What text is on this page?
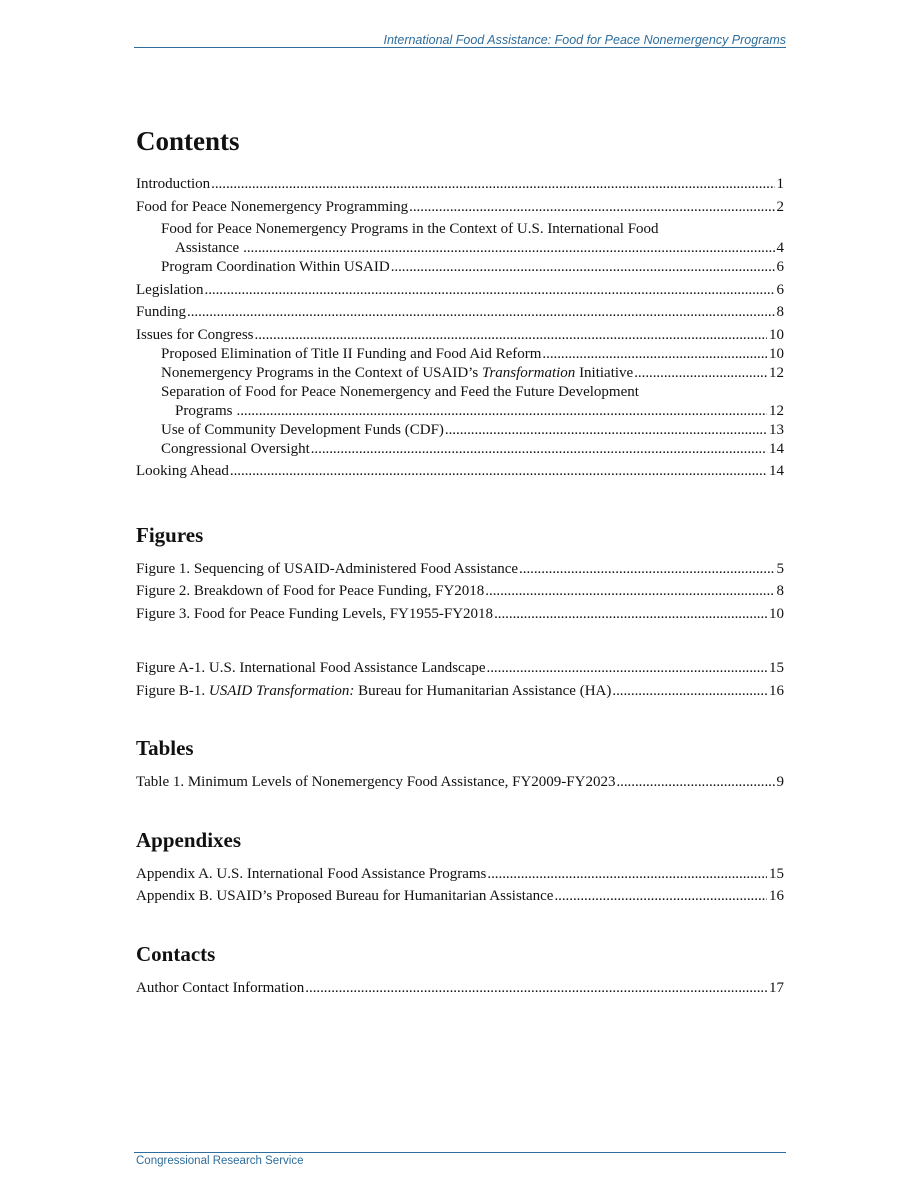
International Food Assistance: Food for Peace Nonemergency Programs
Contents
Introduction . . .	1
Food for Peace Nonemergency Programming . . .	2
Food for Peace Nonemergency Programs in the Context of U.S. International Food
Assistance . . .	4
Program Coordination Within USAID . . .	6
Legislation . . .	6
Funding . . .	8
Issues for Congress . . .	10
Proposed Elimination of Title II Funding and Food Aid Reform . . .	10
Nonemergency Programs in the Context of USAID’s Transformation Initiative . . .	12
Separation of Food for Peace Nonemergency and Feed the Future Development
Programs . . .	12
Use of Community Development Funds (CDF) . . .	13
Congressional Oversight . . .	14
Looking Ahead . . .	14
Figures
Figure 1. Sequencing of USAID-Administered Food Assistance . . .	5
Figure 2. Breakdown of Food for Peace Funding, FY2018 . . .	8
Figure 3. Food for Peace Funding Levels, FY1955-FY2018 . . .	10
Figure A-1. U.S. International Food Assistance Landscape . . .	15
Figure B-1. USAID Transformation: Bureau for Humanitarian Assistance (HA) . . .	16
Tables
Table 1. Minimum Levels of Nonemergency Food Assistance, FY2009-FY2023 . . .	9
Appendixes
Appendix A. U.S. International Food Assistance Programs . . .	15
Appendix B. USAID’s Proposed Bureau for Humanitarian Assistance . . .	16
Contacts
Author Contact Information . . .	17
Congressional Research Service
